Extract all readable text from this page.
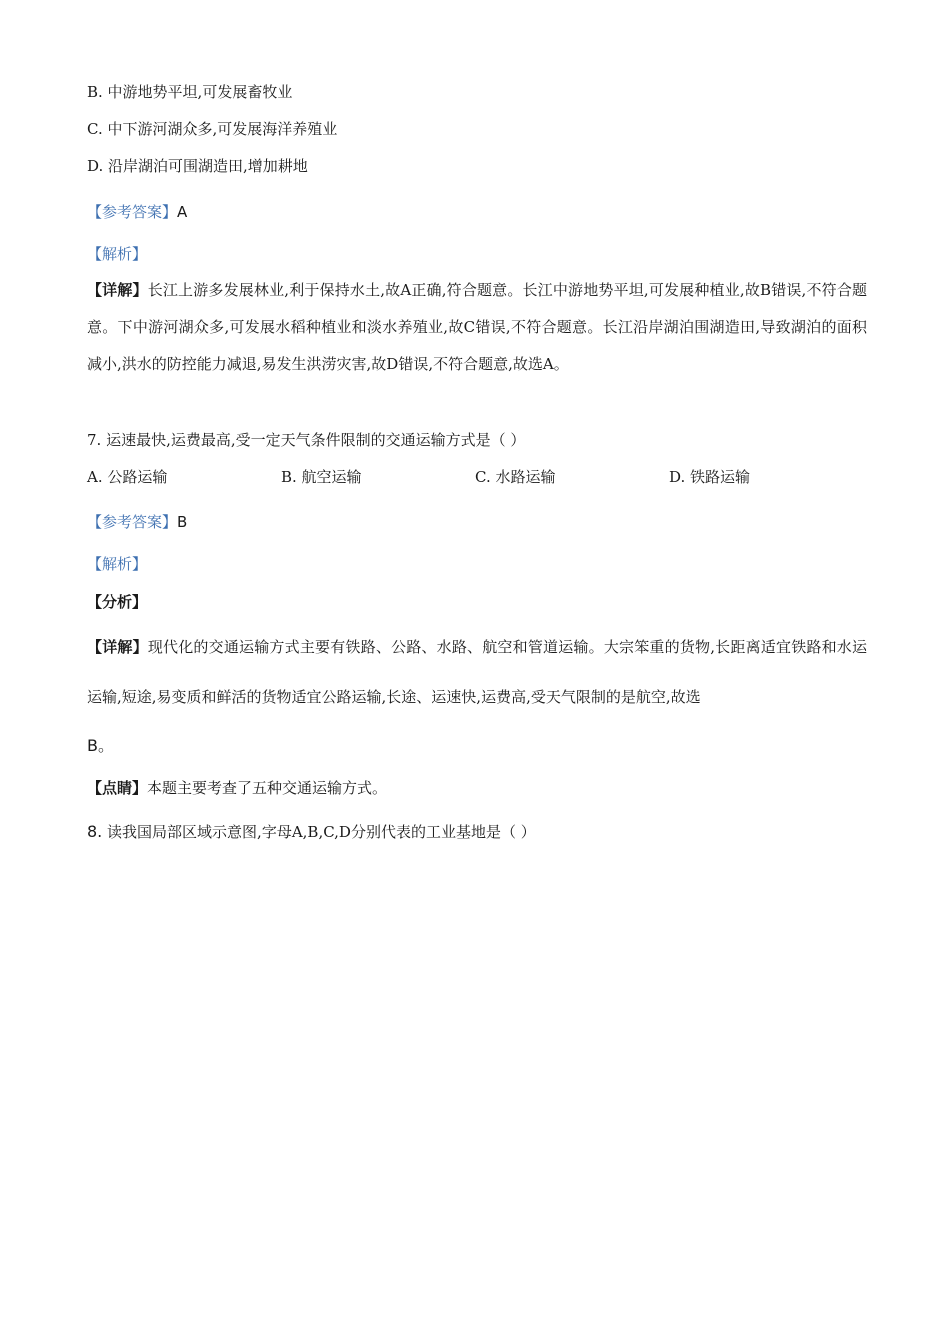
B. 中游地势平坦,可发展畜牧业
C. 中下游河湖众多,可发展海洋养殖业
D. 沿岸湖泊可围湖造田,增加耕地
【参考答案】A
【解析】
【详解】长江上游多发展林业,利于保持水土,故A正确,符合题意。长江中游地势平坦,可发展种植业,故B错误,不符合题意。下中游河湖众多,可发展水稻种植业和淡水养殖业,故C错误,不符合题意。长江沿岸湖泊围湖造田,导致湖泊的面积减小,洪水的防控能力减退,易发生洪涝灾害,故D错误,不符合题意,故选A。
7. 运速最快,运费最高,受一定天气条件限制的交通运输方式是（ ）
A. 公路运输	B. 航空运输	C. 水路运输	D. 铁路运输
【参考答案】B
【解析】
【分析】
【详解】现代化的交通运输方式主要有铁路、公路、水路、航空和管道运输。大宗笨重的货物,长距离适宜铁路和水运运输,短途,易变质和鲜活的货物适宜公路运输,长途、运速快,运费高,受天气限制的是航空,故选
B。
【点睛】本题主要考查了五种交通运输方式。
8. 读我国局部区域示意图,字母A,B,C,D分别代表的工业基地是（ ）
